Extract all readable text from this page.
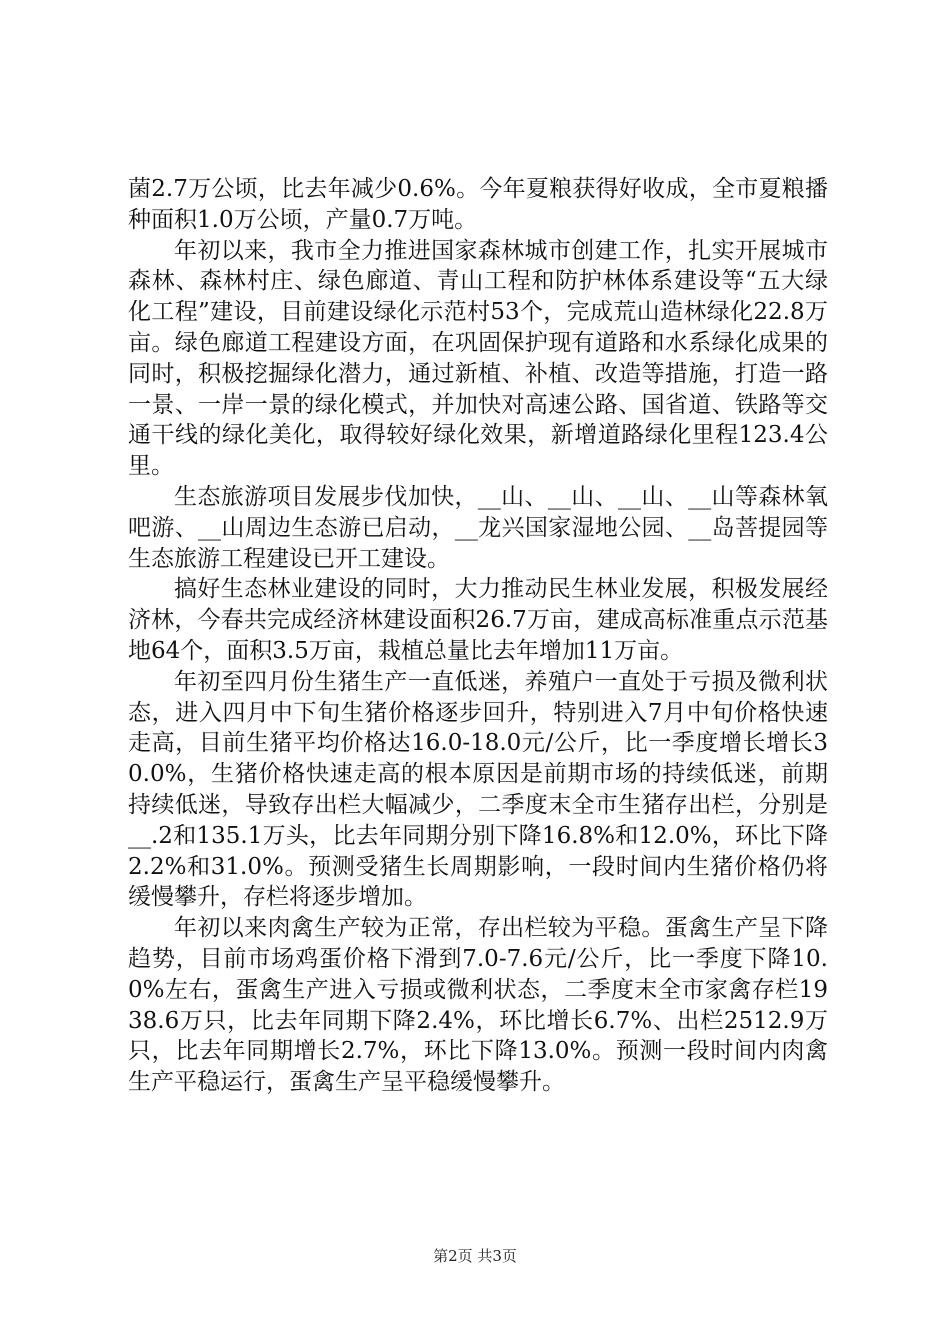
菌2.7万公顷，比去年减少0.6%。今年夏粮获得好收成，全市夏粮播种面积1.0万公顷，产量0.7万吨。

年初以来，我市全力推进国家森林城市创建工作，扎实开展城市森林、森林村庄、绿色廊道、青山工程和防护林体系建设等“五大绿化工程”建设，目前建设绿化示范村53个，完成荒山造林绿化22.8万亩。绿色廊道工程建设方面，在巩固保护现有道路和水系绿化成果的同时，积极挖掘绿化潜力，通过新植、补植、改造等措施，打造一路一景、一岸一景的绿化模式，并加快对高速公路、国省道、铁路等交通干线的绿化美化，取得较好绿化效果，新增道路绿化里程123.4公里。

生态旅游项目发展步伐加快，__山、__山、__山、__山等森林氧吧游、__山周边生态游已启动，__龙兴国家湿地公园、__岛菩提园等生态旅游工程建设已开工建设。

搞好生态林业建设的同时，大力推动民生林业发展，积极发展经济林，今春共完成经济林建设面积26.7万亩，建成高标准重点示范基地64个，面积3.5万亩，栽植总量比去年增加11万亩。

年初至四月份生猪生产一直低迷，养殖户一直处于亏损及微利状态，进入四月中下旬生猪价格逐步回升，特别进入7月中旬价格快速走高，目前生猪平均价格达16.0-18.0元/公斤，比一季度增长增长30.0%，生猪价格快速走高的根本原因是前期市场的持续低迷，前期持续低迷，导致存出栏大幅减少，二季度末全市生猪存出栏，分别是__.2和135.1万头，比去年同期分别下降16.8%和12.0%，环比下降2.2%和31.0%。预测受猪生长周期影响，一段时间内生猪价格仍将缓慢攀升，存栏将逐步增加。

年初以来肉禽生产较为正常，存出栏较为平稳。蛋禽生产呈下降趋势，目前市场鸡蛋价格下滑到7.0-7.6元/公斤，比一季度下降10.0%左右，蛋禽生产进入亏损或微利状态，二季度末全市家禽存栏1938.6万只，比去年同期下降2.4%，环比增长6.7%、出栏2512.9万只，比去年同期增长2.7%，环比下降13.0%。预测一段时间内肉禽生产平稳运行，蛋禽生产呈平稳缓慢攀升。

第2页 共3页
